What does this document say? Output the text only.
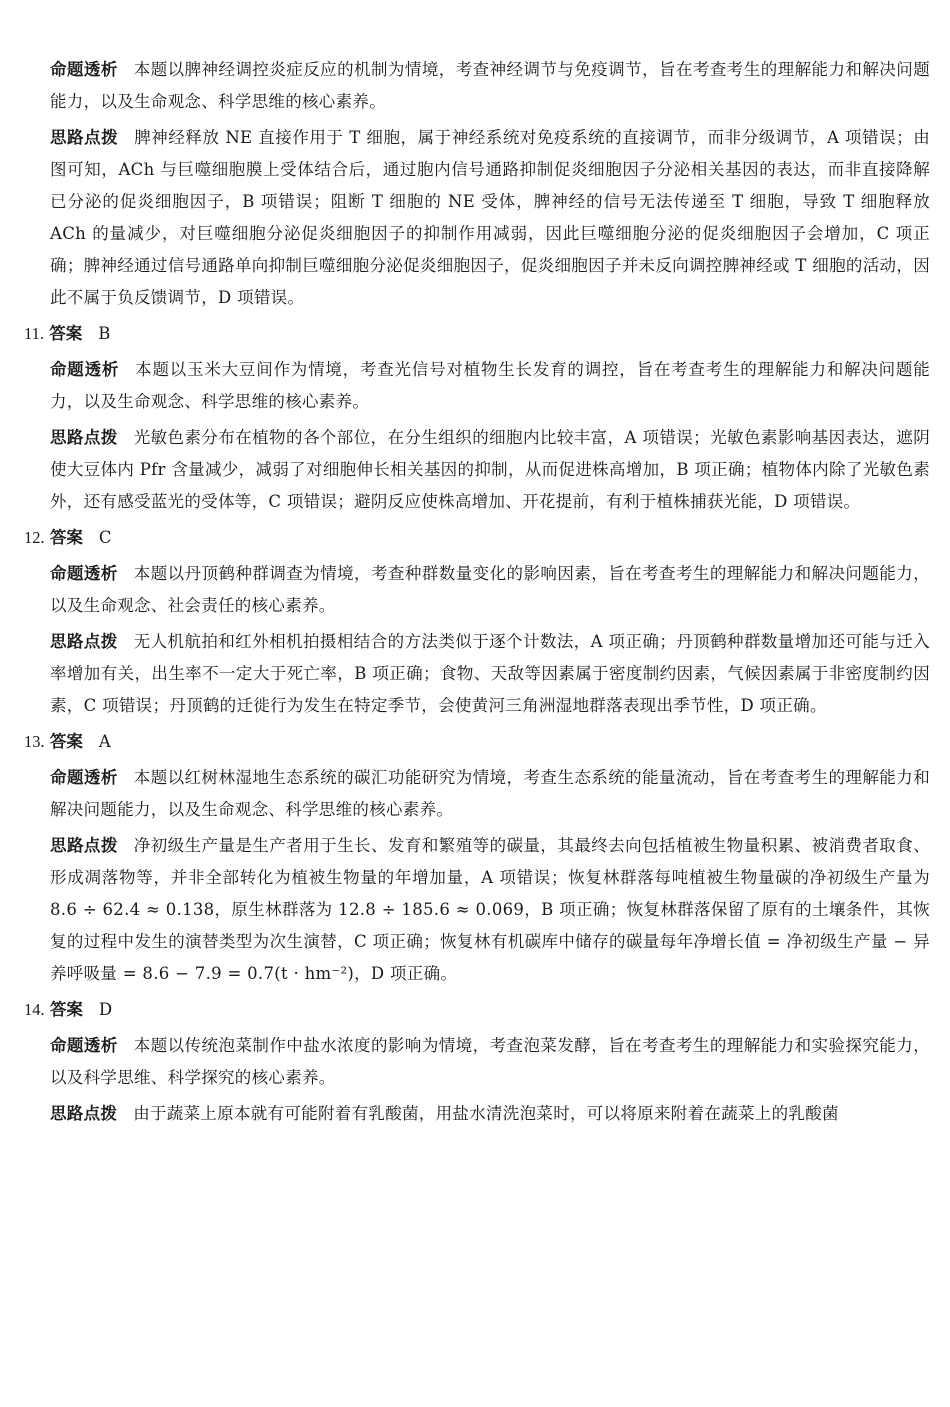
命题透析 本题以脾神经调控炎症反应的机制为情境，考查神经调节与免疫调节，旨在考查考生的理解能力和解决问题能力，以及生命观念、科学思维的核心素养。

思路点拨 脾神经释放 NE 直接作用于 T 细胞，属于神经系统对免疫系统的直接调节，而非分级调节，A 项错误；由图可知，ACh 与巨噬细胞膜上受体结合后，通过胞内信号通路抑制促炎细胞因子分泌相关基因的表达，而非直接降解已分泌的促炎细胞因子，B 项错误；阻断 T 细胞的 NE 受体，脾神经的信号无法传递至 T 细胞，导致 T 细胞释放 ACh 的量减少，对巨噬细胞分泌促炎细胞因子的抑制作用减弱，因此巨噬细胞分泌的促炎细胞因子会增加，C 项正确；脾神经通过信号通路单向抑制巨噬细胞分泌促炎细胞因子，促炎细胞因子并未反向调控脾神经或 T 细胞的活动，因此不属于负反馈调节，D 项错误。

11. 答案 B

命题透析 本题以玉米大豆间作为情境，考查光信号对植物生长发育的调控，旨在考查考生的理解能力和解决问题能力，以及生命观念、科学思维的核心素养。

思路点拨 光敏色素分布在植物的各个部位，在分生组织的细胞内比较丰富，A 项错误；光敏色素影响基因表达，遮阴使大豆体内 Pfr 含量减少，减弱了对细胞伸长相关基因的抑制，从而促进株高增加，B 项正确；植物体内除了光敏色素外，还有感受蓝光的受体等，C 项错误；避阴反应使株高增加、开花提前，有利于植株捕获光能，D 项错误。

12. 答案 C

命题透析 本题以丹顶鹤种群调查为情境，考查种群数量变化的影响因素，旨在考查考生的理解能力和解决问题能力，以及生命观念、社会责任的核心素养。

思路点拨 无人机航拍和红外相机拍摄相结合的方法类似于逐个计数法，A 项正确；丹顶鹤种群数量增加还可能与迁入率增加有关，出生率不一定大于死亡率，B 项正确；食物、天敌等因素属于密度制约因素，气候因素属于非密度制约因素，C 项错误；丹顶鹤的迁徙行为发生在特定季节，会使黄河三角洲湿地群落表现出季节性，D 项正确。

13. 答案 A

命题透析 本题以红树林湿地生态系统的碳汇功能研究为情境，考查生态系统的能量流动，旨在考查考生的理解能力和解决问题能力，以及生命观念、科学思维的核心素养。

思路点拨 净初级生产量是生产者用于生长、发育和繁殖等的碳量，其最终去向包括植被生物量积累、被消费者取食、形成凋落物等，并非全部转化为植被生物量的年增加量，A 项错误；恢复林群落每吨植被生物量碳的净初级生产量为 8.6 ÷ 62.4 ≈ 0.138，原生林群落为 12.8 ÷ 185.6 ≈ 0.069，B 项正确；恢复林群落保留了原有的土壤条件，其恢复的过程中发生的演替类型为次生演替，C 项正确；恢复林有机碳库中储存的碳量每年净增长值 = 净初级生产量 − 异养呼吸量 = 8.6 − 7.9 = 0.7(t · hm⁻²)，D 项正确。

14. 答案 D

命题透析 本题以传统泡菜制作中盐水浓度的影响为情境，考查泡菜发酵，旨在考查考生的理解能力和实验探究能力，以及科学思维、科学探究的核心素养。

思路点拨 由于蔬菜上原本就有可能附着有乳酸菌，用盐水清洗泡菜时，可以将原来附着在蔬菜上的乳酸菌
